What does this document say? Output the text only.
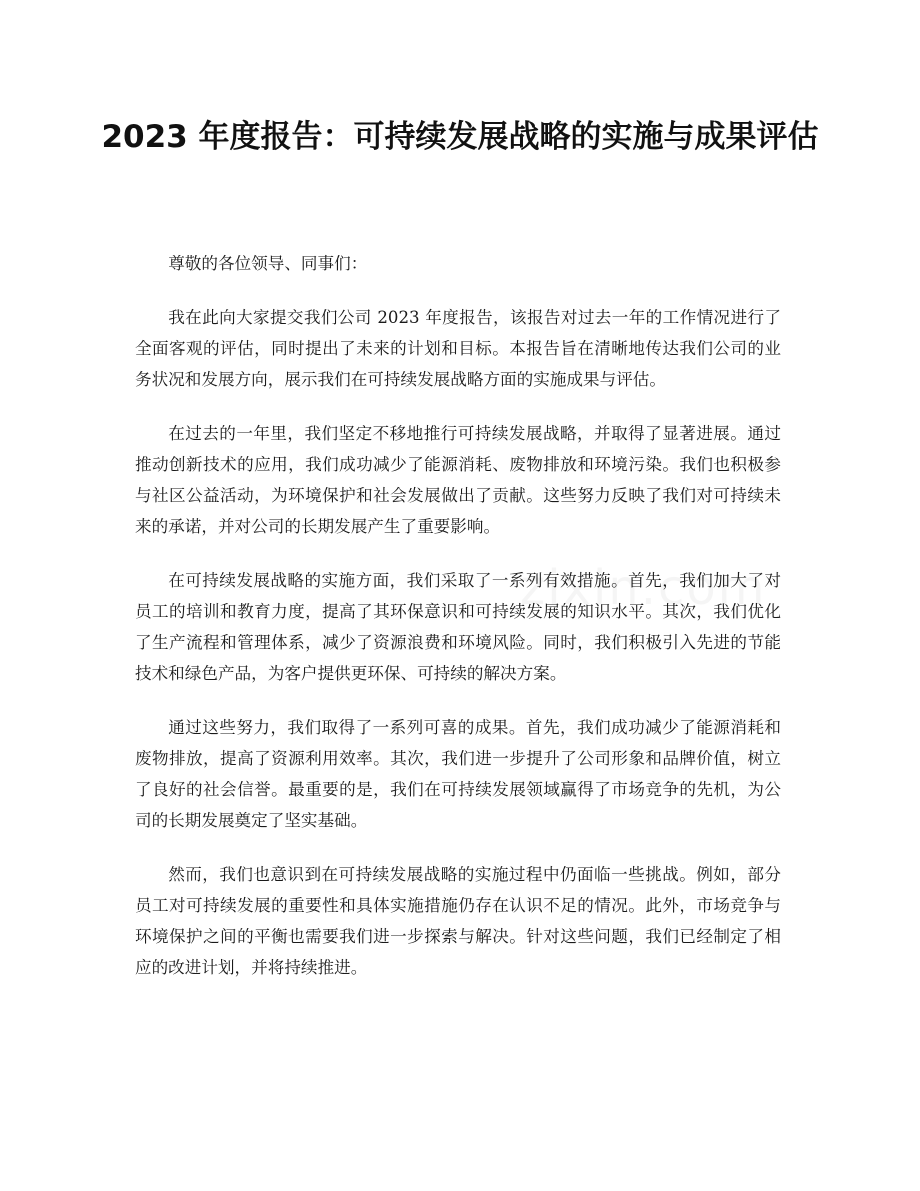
2023 年度报告：可持续发展战略的实施与成果评估

尊敬的各位领导、同事们：

我在此向大家提交我们公司 2023 年度报告，该报告对过去一年的工作情况进行了全面客观的评估，同时提出了未来的计划和目标。本报告旨在清晰地传达我们公司的业务状况和发展方向，展示我们在可持续发展战略方面的实施成果与评估。

在过去的一年里，我们坚定不移地推行可持续发展战略，并取得了显著进展。通过推动创新技术的应用，我们成功减少了能源消耗、废物排放和环境污染。我们也积极参与社区公益活动，为环境保护和社会发展做出了贡献。这些努力反映了我们对可持续未来的承诺，并对公司的长期发展产生了重要影响。

在可持续发展战略的实施方面，我们采取了一系列有效措施。首先，我们加大了对员工的培训和教育力度，提高了其环保意识和可持续发展的知识水平。其次，我们优化了生产流程和管理体系，减少了资源浪费和环境风险。同时，我们积极引入先进的节能技术和绿色产品，为客户提供更环保、可持续的解决方案。

通过这些努力，我们取得了一系列可喜的成果。首先，我们成功减少了能源消耗和废物排放，提高了资源利用效率。其次，我们进一步提升了公司形象和品牌价值，树立了良好的社会信誉。最重要的是，我们在可持续发展领域赢得了市场竞争的先机，为公司的长期发展奠定了坚实基础。

然而，我们也意识到在可持续发展战略的实施过程中仍面临一些挑战。例如，部分员工对可持续发展的重要性和具体实施措施仍存在认识不足的情况。此外，市场竞争与环境保护之间的平衡也需要我们进一步探索与解决。针对这些问题，我们已经制定了相应的改进计划，并将持续推进。
